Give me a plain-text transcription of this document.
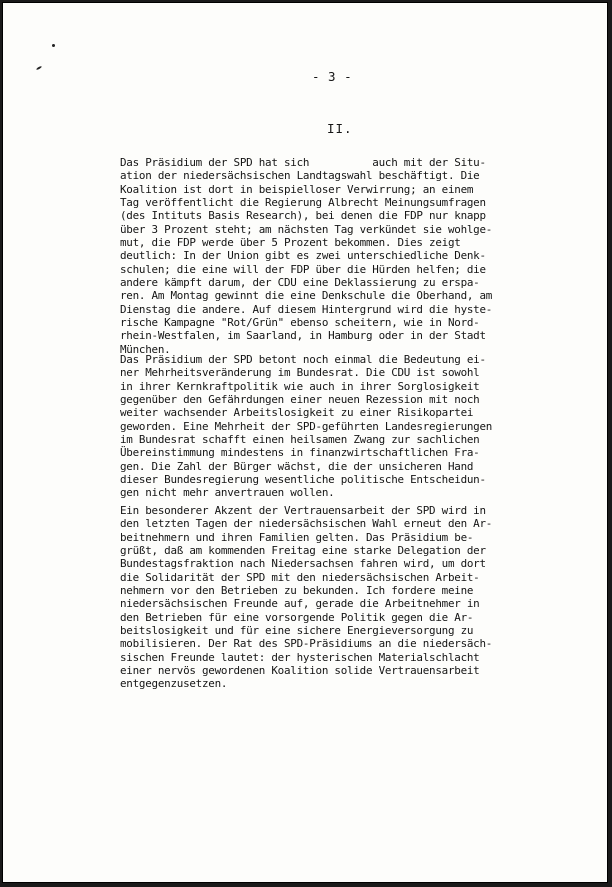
- 3 -
II.
Das Präsidium der SPD hat sich          auch mit der Situ-
ation der niedersächsischen Landtagswahl beschäftigt. Die
Koalition ist dort in beispielloser Verwirrung; an einem
Tag veröffentlicht die Regierung Albrecht Meinungsumfragen
(des Intituts Basis Research), bei denen die FDP nur knapp
über 3 Prozent steht; am nächsten Tag verkündet sie wohlge-
mut, die FDP werde über 5 Prozent bekommen. Dies zeigt
deutlich: In der Union gibt es zwei unterschiedliche Denk-
schulen; die eine will der FDP über die Hürden helfen; die
andere kämpft darum, der CDU eine Deklassierung zu erspa-
ren. Am Montag gewinnt die eine Denkschule die Oberhand, am
Dienstag die andere. Auf diesem Hintergrund wird die hyste-
rische Kampagne "Rot/Grün" ebenso scheitern, wie in Nord-
rhein-Westfalen, im Saarland, in Hamburg oder in der Stadt
München.
Das Präsidium der SPD betont noch einmal die Bedeutung ei-
ner Mehrheitsveränderung im Bundesrat. Die CDU ist sowohl
in ihrer Kernkraftpolitik wie auch in ihrer Sorglosigkeit
gegenüber den Gefährdungen einer neuen Rezession mit noch
weiter wachsender Arbeitslosigkeit zu einer Risikopartei
geworden. Eine Mehrheit der SPD-geführten Landesregierungen
im Bundesrat schafft einen heilsamen Zwang zur sachlichen
Übereinstimmung mindestens in finanzwirtschaftlichen Fra-
gen. Die Zahl der Bürger wächst, die der unsicheren Hand
dieser Bundesregierung wesentliche politische Entscheidun-
gen nicht mehr anvertrauen wollen.
Ein besonderer Akzent der Vertrauensarbeit der SPD wird in
den letzten Tagen der niedersächsischen Wahl erneut den Ar-
beitnehmern und ihren Familien gelten. Das Präsidium be-
grüßt, daß am kommenden Freitag eine starke Delegation der
Bundestagsfraktion nach Niedersachsen fahren wird, um dort
die Solidarität der SPD mit den niedersächsischen Arbeit-
nehmern vor den Betrieben zu bekunden. Ich fordere meine
niedersächsischen Freunde auf, gerade die Arbeitnehmer in
den Betrieben für eine vorsorgende Politik gegen die Ar-
beitslosigkeit und für eine sichere Energieversorgung zu
mobilisieren. Der Rat des SPD-Präsidiums an die niedersäch-
sischen Freunde lautet: der hysterischen Materialschlacht
einer nervös gewordenen Koalition solide Vertrauensarbeit
entgegenzusetzen.
